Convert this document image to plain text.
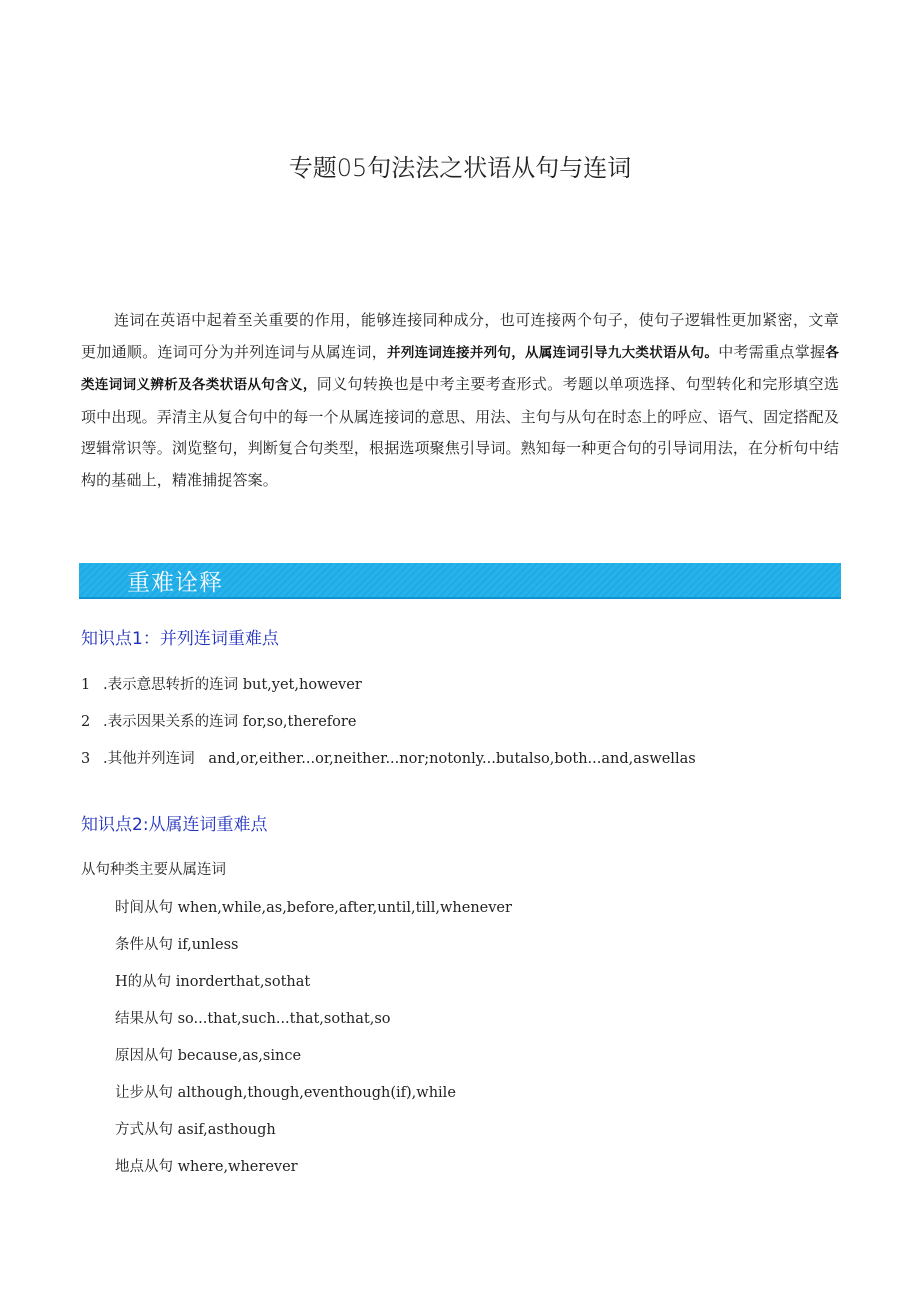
专题05句法法之状语从句与连词
连词在英语中起着至关重要的作用，能够连接同种成分，也可连接两个句子，使句子逻辑性更加紧密，文章更加通顺。连词可分为并列连词与从属连词，并列连词连接并列句，从属连词引导九大类状语从句。中考需重点掌握各类连词词义辨析及各类状语从句含义，同义句转换也是中考主要考查形式。考题以单项选择、句型转化和完形填空选项中出现。弄清主从复合句中的每一个从属连接词的意思、用法、主句与从句在时态上的呼应、语气、固定搭配及逻辑常识等。浏览整句，判断复合句类型，根据选项聚焦引导词。熟知每一种更合句的引导词用法，在分析句中结构的基础上，精准捕捉答案。
重难诠释
知识点1：并列连词重难点
1 .表示意思转折的连词 but,yet,however
2 .表示因果关系的连词 for,so,therefore
3 .其他并列连词   and,or,either...or,neither...nor;notonly...butalso,both...and,aswellas
知识点2:从属连词重难点
从句种类主要从属连词
时间从句 when,while,as,before,after,until,till,whenever
条件从句 if,unless
H的从句 inorderthat,sothat
结果从句 so...that,such...that,sothat,so
原因从句 because,as,since
让步从句 although,though,eventhough(if),while
方式从句 asif,asthough
地点从句 where,wherever
